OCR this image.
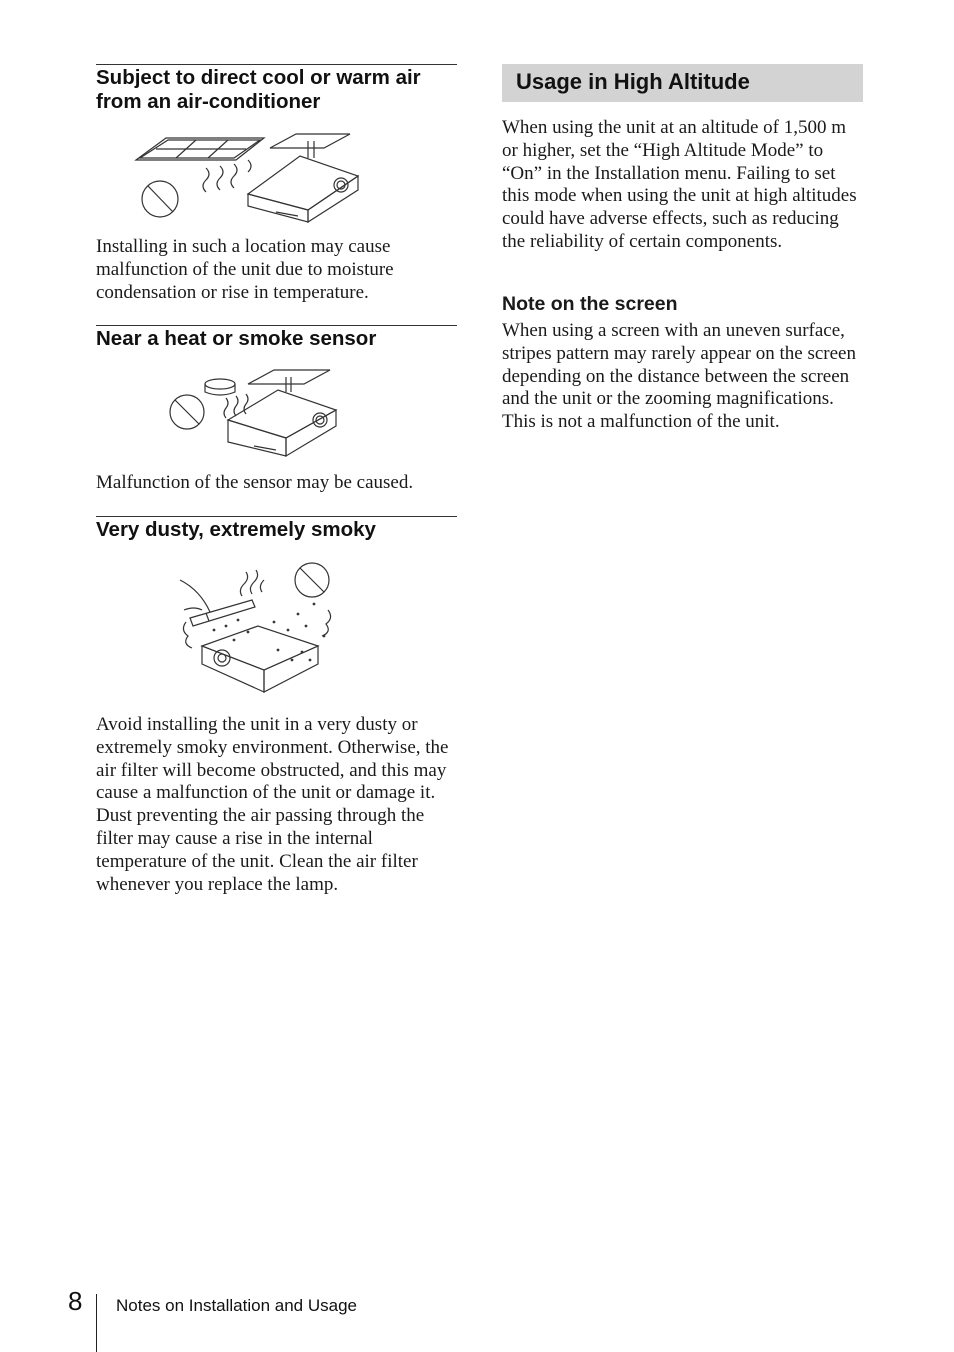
Subject to direct cool or warm air from an air-conditioner

Installing in such a location may cause malfunction of the unit due to moisture condensation or rise in temperature.

Near a heat or smoke sensor

Malfunction of the sensor may be caused.

Very dusty, extremely smoky

Avoid installing the unit in a very dusty or extremely smoky environment. Otherwise, the air filter will become obstructed, and this may cause a malfunction of the unit or damage it. Dust preventing the air passing through the filter may cause a rise in the internal temperature of the unit. Clean the air filter whenever you replace the lamp.

Usage in High Altitude

When using the unit at an altitude of 1,500 m or higher, set the “High Altitude Mode” to “On” in the Installation menu. Failing to set this mode when using the unit at high altitudes could have adverse effects, such as reducing the reliability of certain components.

Note on the screen

When using a screen with an uneven surface, stripes pattern may rarely appear on the screen depending on the distance between the screen and the unit or the zooming magnifications. This is not a malfunction of the unit.

8 Notes on Installation and Usage
